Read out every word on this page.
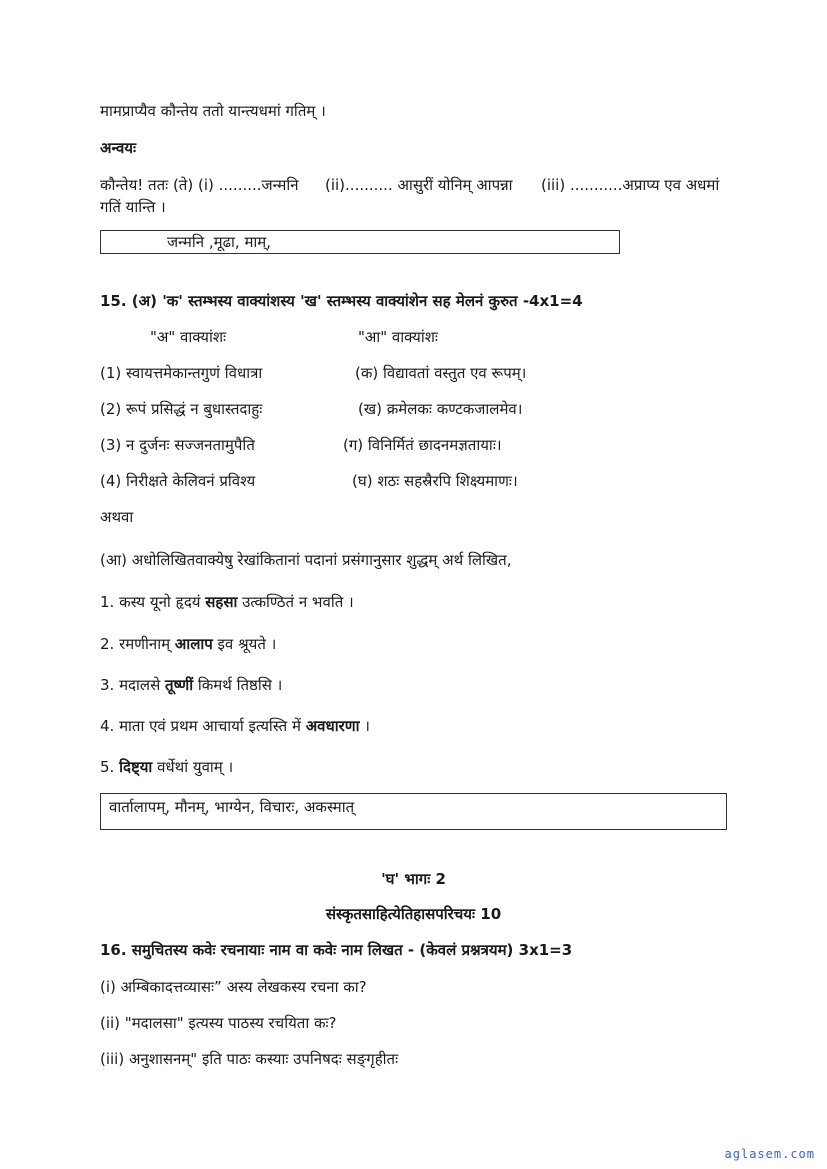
मामप्राप्यैव कौन्तेय ततो यान्त्यधमां गतिम् ।
अन्वयः
कौन्तेय! ततः (ते) (i) .........जन्मनि (ii).......... आसुरीं योनिम् आपन्ना (iii) ...........अप्राप्य एव अधमां
गतिं यान्ति ।
जन्मनि ,मूढा, माम्,
15. (अ) 'क' स्तम्भस्य वाक्यांशस्य 'ख' स्तम्भस्य वाक्यांशेन सह मेलनं कुरुत -4x1=4
"अ" वाक्यांशः	"आ" वाक्यांशः
(1) स्वायत्तमेकान्तगुणं विधात्रा	(क) विद्यावतां वस्तुत एव रूपम्।
(2) रूपं प्रसिद्धं न बुधास्तदाहुः	(ख) क्रमेलकः कण्टकजालमेव।
(3) न दुर्जनः सज्जनतामुपैति	(ग) विनिर्मितं छादनमज्ञतायाः।
(4) निरीक्षते केलिवनं प्रविश्य	(घ) शठः सहस्रैरपि शिक्ष्यमाणः।
अथवा
(आ) अधोलिखितवाक्येषु रेखांकितानां पदानां प्रसंगानुसार शुद्धम् अर्थ लिखित,
1. कस्य यूनो हृदयं सहसा उत्कण्ठितं न भवति ।
2. रमणीनाम् आलाप इव श्रूयते ।
3. मदालसे तूष्णीं किमर्थ तिष्ठसि ।
4. माता एवं प्रथम आचार्या इत्यस्ति में अवधारणा ।
5. दिष्ट्या वर्धेथां युवाम् ।
वार्तालापम्, मौनम्, भाग्येन, विचारः, अकस्मात्
'घ' भागः 2
संस्कृतसाहित्येतिहासपरिचयः 10
16. समुचितस्य कवेः रचनायाः नाम वा कवेः नाम लिखत - (केवलं प्रश्नत्रयम) 3x1=3
(i) अम्बिकादत्तव्यासः” अस्य लेखकस्य रचना का?
(ii) "मदालसा" इत्यस्य पाठस्य रचयिता कः?
(iii) अनुशासनम्" इति पाठः कस्याः उपनिषदः सङ्गृहीतः
aglasem.com
